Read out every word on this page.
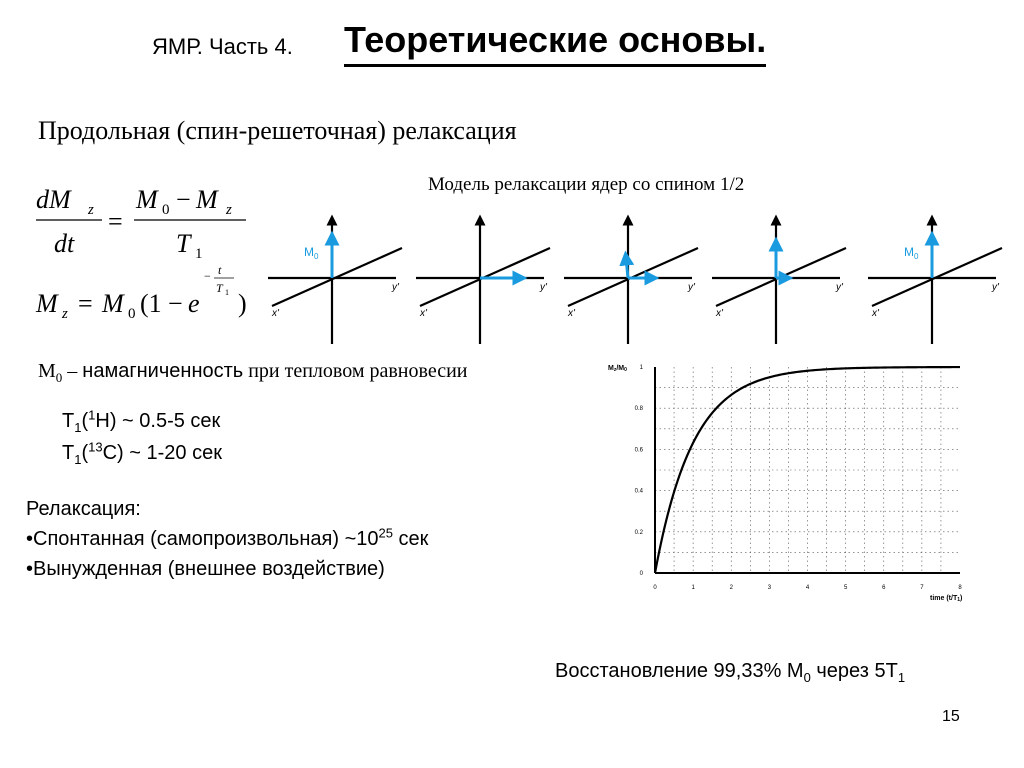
ЯМР. Часть 4. Теоретические основы.
Продольная (спин-решеточная) релаксация
Модель релаксации ядер со спином 1/2
dM z
dt
=
M 0 − M z
T 1
M z = M 0 (1 − e
− t
T 1 )
y'
x'
M 0
y'
x'
y'
x'
y'
x'
y'
x'
M 0
$M_0$ – намагниченность при тепловом равновесии
$T_1(^1H)$ ~ 0.5-5 сек
$T_1(^{13}C)$ ~ 1-20 сек
Релаксация:
•Спонтанная (самопроизвольная) $\sim 10^{25}$ сек
•Вынужденная (внешнее воздействие)
0	1	2	3	4	5	6	7	8
0
0.2
0.4
0.6
0.8
1
Mz/M0
time (t/T1)
Восстановление 99,33% $M_0$ через $5T_1$
15
